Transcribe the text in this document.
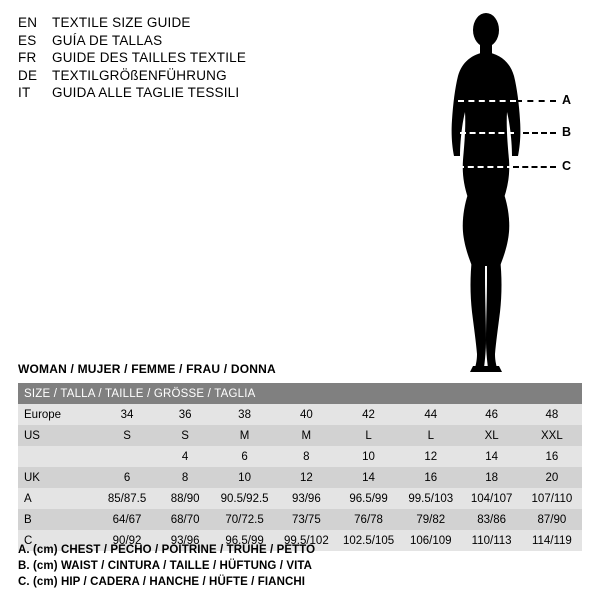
EN	TEXTILE SIZE GUIDE
ES	GUÍA DE TALLAS
FR	GUIDE DES TAILLES TEXTILE
DE	TEXTILGRÖßENFÜHRUNG
IT	GUIDA ALLE TAGLIE TESSILI	A
B
C
WOMAN / MUJER / FEMME / FRAU / DONNA
SIZE / TALLA / TAILLE / GRÖSSE / TAGLIA								
Europe	34	36	38	40	42	44	46	48
US	S	S	M	M	L	L	XL	XXL
		4	6	8	10	12	14	16
UK	6	8	10	12	14	16	18	20
A	85/87.5	88/90	90.5/92.5	93/96	96.5/99	99.5/103	104/107	107/110
B	64/67	68/70	70/72.5	73/75	76/78	79/82	83/86	87/90
C	90/92	93/96	96.5/99	99.5/102	102.5/105	106/109	110/113	114/119
A. (cm) CHEST / PECHO / POITRINE / TRUHE / PETTO
B. (cm) WAIST / CINTURA / TAILLE / HÜFTUNG / VITA
C. (cm) HIP / CADERA / HANCHE / HÜFTE / FIANCHI
